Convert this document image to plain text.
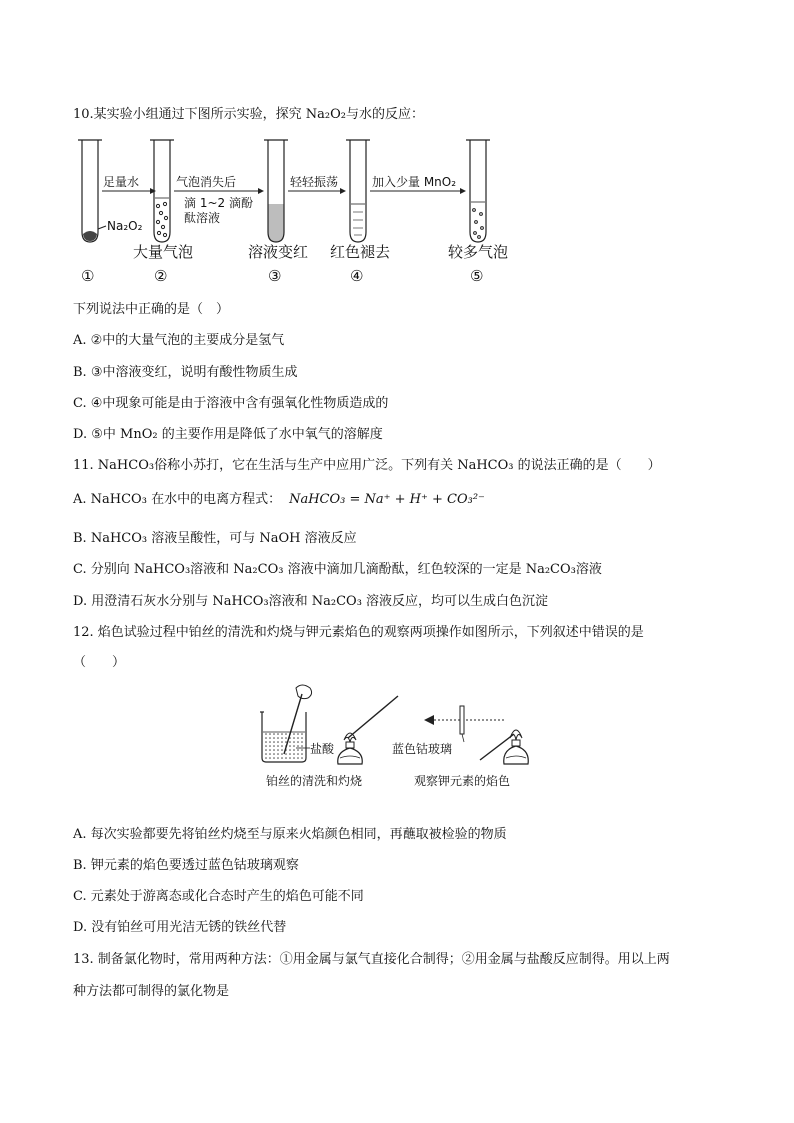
10.某实验小组通过下图所示实验，探究 Na₂O₂与水的反应：
Na₂O₂
足量水	气泡消失后
滴 1~2 滴酚
酞溶液
轻轻振荡	加入少量 MnO₂
大量气泡	溶液变红 红色褪去	较多气泡
①	②	③	④	⑤
下列说法中正确的是（　）
A. ②中的大量气泡的主要成分是氢气
B. ③中溶液变红，说明有酸性物质生成
C. ④中现象可能是由于溶液中含有强氧化性物质造成的
D. ⑤中 MnO₂ 的主要作用是降低了水中氧气的溶解度
11. NaHCO₃俗称小苏打，它在生活与生产中应用广泛。下列有关 NaHCO₃ 的说法正确的是（　　）
A. NaHCO₃ 在水中的电离方程式： NaHCO₃ = Na⁺ + H⁺ + CO₃²⁻
B. NaHCO₃ 溶液呈酸性，可与 NaOH 溶液反应
C. 分别向 NaHCO₃溶液和 Na₂CO₃ 溶液中滴加几滴酚酞，红色较深的一定是 Na₂CO₃溶液
D. 用澄清石灰水分别与 NaHCO₃溶液和 Na₂CO₃ 溶液反应，均可以生成白色沉淀
12. 焰色试验过程中铂丝的清洗和灼烧与钾元素焰色的观察两项操作如图所示，下列叙述中错误的是
（　　）
盐酸	蓝色钴玻璃
铂丝的清洗和灼烧	观察钾元素的焰色
A. 每次实验都要先将铂丝灼烧至与原来火焰颜色相同，再蘸取被检验的物质
B. 钾元素的焰色要透过蓝色钴玻璃观察
C. 元素处于游离态或化合态时产生的焰色可能不同
D. 没有铂丝可用光洁无锈的铁丝代替
13. 制备氯化物时，常用两种方法：①用金属与氯气直接化合制得；②用金属与盐酸反应制得。用以上两
种方法都可制得的氯化物是
